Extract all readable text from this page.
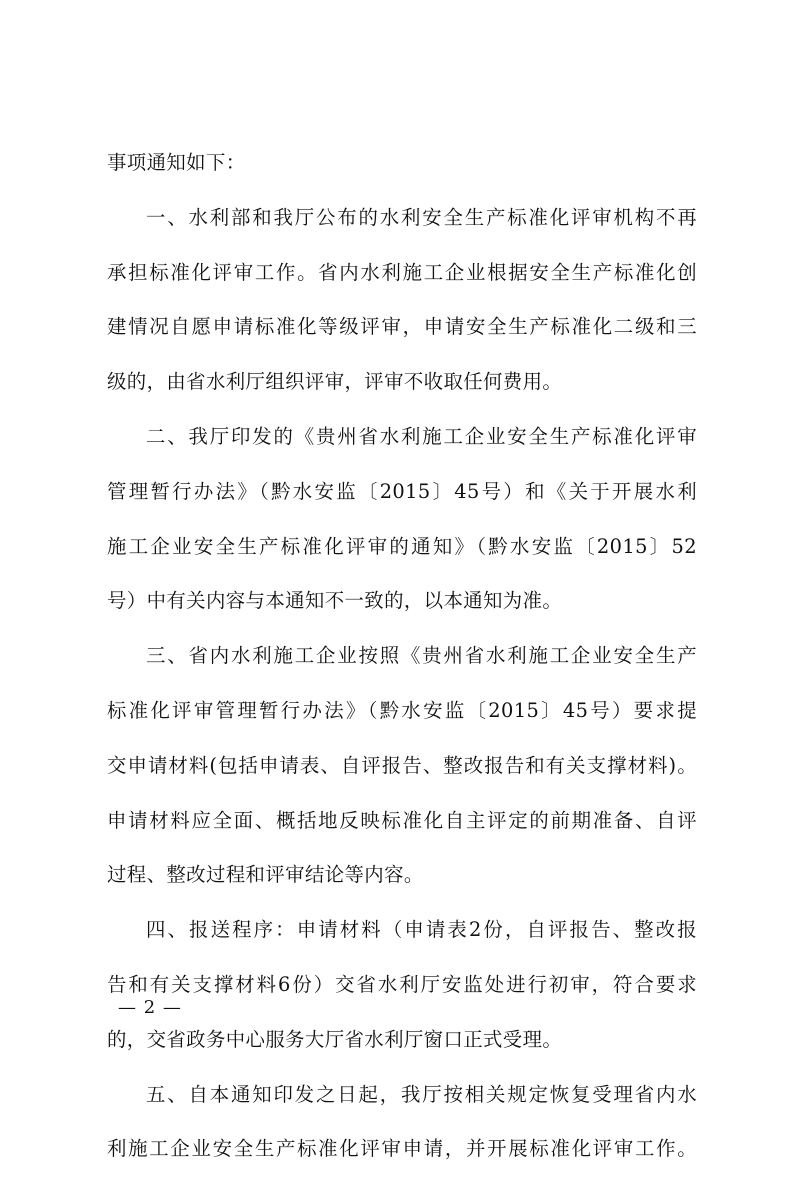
事项通知如下：
一、水利部和我厅公布的水利安全生产标准化评审机构不再
承担标准化评审工作。省内水利施工企业根据安全生产标准化创
建情况自愿申请标准化等级评审，申请安全生产标准化二级和三
级的，由省水利厅组织评审，评审不收取任何费用。
二、我厅印发的《贵州省水利施工企业安全生产标准化评审
管理暂行办法》（黔水安监〔2015〕45号）和《关于开展水利
施工企业安全生产标准化评审的通知》（黔水安监〔2015〕52
号）中有关内容与本通知不一致的，以本通知为准。
三、省内水利施工企业按照《贵州省水利施工企业安全生产
标准化评审管理暂行办法》（黔水安监〔2015〕45号）要求提
交申请材料(包括申请表、自评报告、整改报告和有关支撑材料)。
申请材料应全面、概括地反映标准化自主评定的前期准备、自评
过程、整改过程和评审结论等内容。
四、报送程序：申请材料（申请表2份，自评报告、整改报
告和有关支撑材料6份）交省水利厅安监处进行初审，符合要求
的，交省政务中心服务大厅省水利厅窗口正式受理。
五、自本通知印发之日起，我厅按相关规定恢复受理省内水
利施工企业安全生产标准化评审申请，并开展标准化评审工作。
— 2 —
